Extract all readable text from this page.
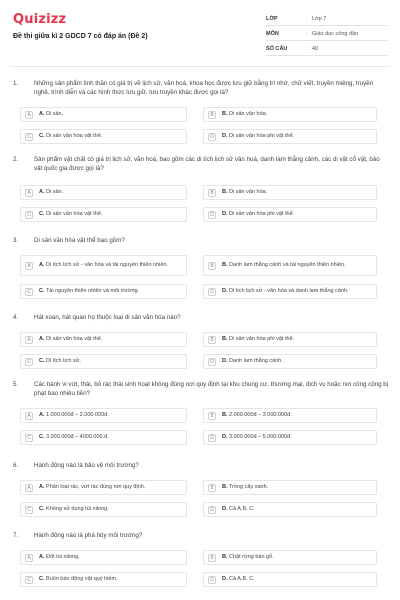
Quizizz
Đề thi giữa kì 2 GDCD 7 có đáp án (Đề 2)
LỚP	: Lớp 7
MÔN	: Giáo dục công dân
SỐ CÂU	: 40
1.	Những sản phẩm tinh thần có giá trị về lịch sử, văn hoá, khoa học được lưu giữ bằng trí nhớ, chữ viết, truyền miệng, truyền nghề, trình diễn và các hình thức lưu giữ, lưu truyền khác được gọi là?
A	A. Di sản.	B	B. Di sản văn hóa.
C	C. Di sản văn hóa vật thể.	D	D. Di sản văn hóa phi vật thể.
2.	Sản phẩm vật chất có giá trị lịch sử, văn hoá, bao gồm các di tích lịch sử văn hoá, danh lam thắng cảnh, các di vật cổ vật, bảo vật quốc gia được gọi là?
A	A. Di sản.	B	B. Di sản văn hóa.
C	C. Di sản văn hóa vật thể.	D	D. Di sản văn hóa phi vật thể.
3.	Di sản văn hóa vật thể bao gồm?
A	A. Di tích lịch sử - văn hóa và tài nguyên thiên nhiên.	B	B. Danh lam thắng cảnh và tài nguyên thiên nhiên.
C	C. Tài nguyên thiên nhiên và môi trường.	D	D. Di tích lịch sử - văn hóa và danh lam thắng cảnh.
4.	Hát xoan, hát quan họ thuộc loại di sản văn hóa nào?
A	A. Di sản văn hóa vật thể.	B	B. Di sản văn hóa phi vật thể.
C	C. Di tích lịch sử.	D	D. Danh lam thắng cảnh.
5.	Các hành vi vứt, thải, bỏ rác thải sinh hoạt không đúng nơi quy định tại khu chung cư, thương mại, dịch vụ hoặc nơi công cộng bị phạt bao nhiêu tiền?
A	A. 1.000.000đ – 2.000.000đ.	B	B. 2.000.000đ – 3.000.000đ.
C	C. 3.000.000đ – 4000.000.đ.	D	D. 3.000.000đ – 5.000.000đ.
6.	Hành động nào là bảo vệ môi trường?
A	A. Phân loại rác, vứt rác đúng nơi quy định.	B	B. Trồng cây xanh.
C	C. Không sử dụng túi nilong.	D	D. Cả A,B, C.
7.	Hành động nào là phá hủy môi trường?
A	A. Đốt túi nilong.	B	B. Chặt rừng bán gỗ.
C	C. Buôn bán động vật quý hiếm.	D	D. Cả A,B, C.
